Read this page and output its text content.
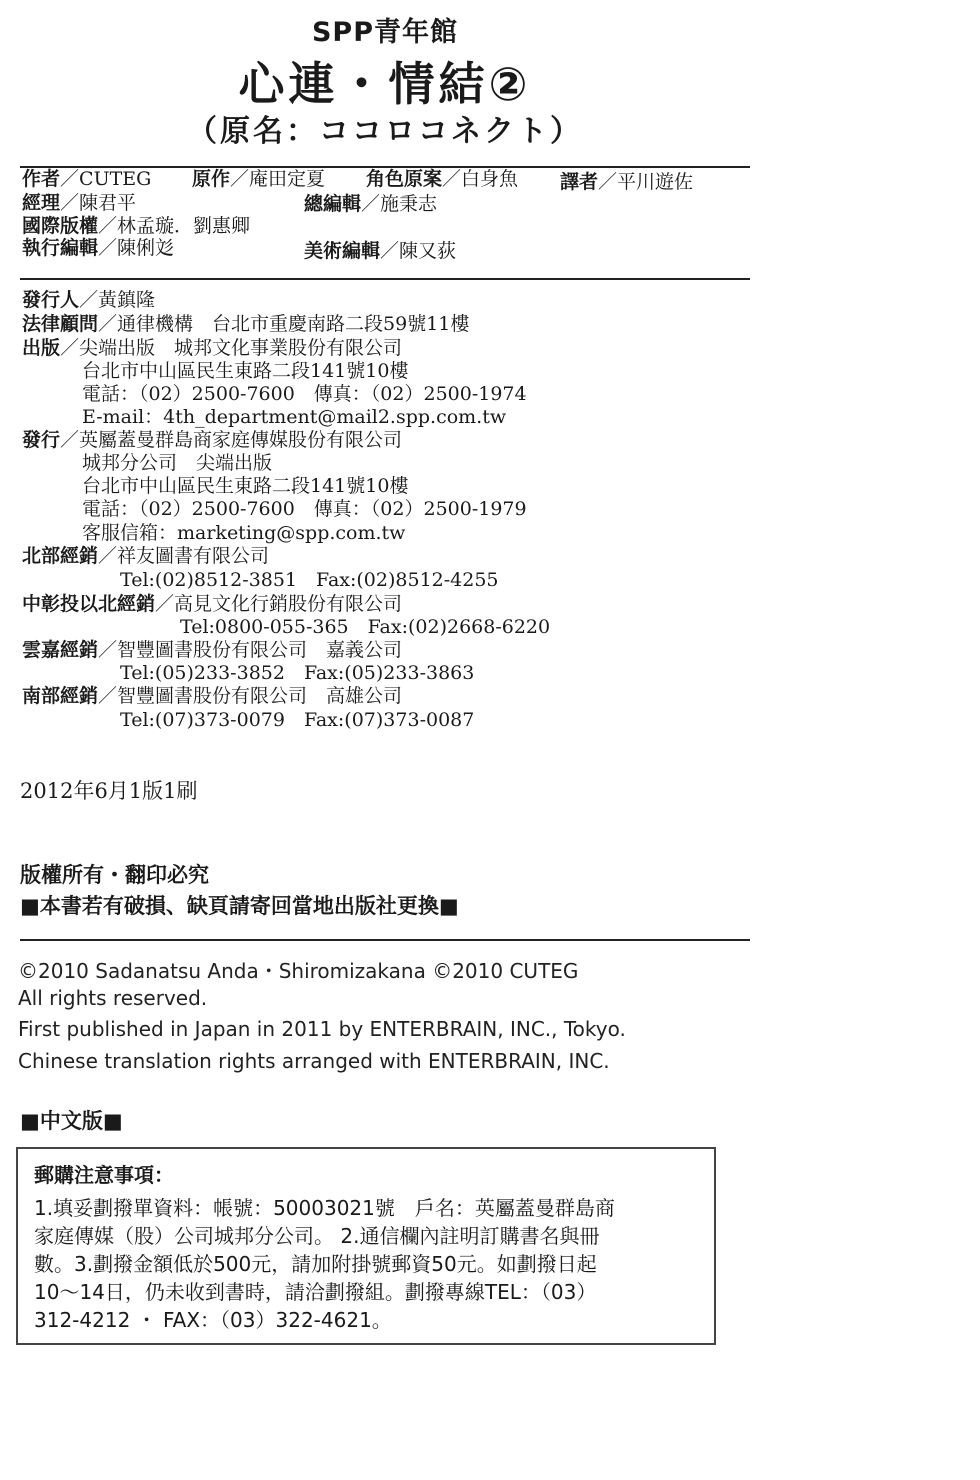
SPP青年館
心連・情結②
（原名：ココロコネクト）
作者／CUTEG 原作／庵田定夏 角色原案／白身魚 譯者／平川遊佐
經理／陳君平	總編輯／施秉志
國際版權／林孟璇．劉惠卿
執行編輯／陳俐彣	美術編輯／陳又荻
發行人／黃鎮隆
法律顧問／通律機構　台北市重慶南路二段59號11樓
出版／尖端出版　城邦文化事業股份有限公司
台北市中山區民生東路二段141號10樓
電話：（02）2500-7600　傳真：（02）2500-1974
E-mail：4th_department@mail2.spp.com.tw
發行／英屬蓋曼群島商家庭傳媒股份有限公司
城邦分公司　尖端出版
台北市中山區民生東路二段141號10樓
電話：（02）2500-7600　傳真：（02）2500-1979
客服信箱：marketing@spp.com.tw
北部經銷／祥友圖書有限公司
Tel:(02)8512-3851　Fax:(02)8512-4255
中彰投以北經銷／高見文化行銷股份有限公司
Tel:0800-055-365　Fax:(02)2668-6220
雲嘉經銷／智豐圖書股份有限公司　嘉義公司
Tel:(05)233-3852　Fax:(05)233-3863
南部經銷／智豐圖書股份有限公司　高雄公司
Tel:(07)373-0079　Fax:(07)373-0087
2012年6月1版1刷
版權所有・翻印必究
■本書若有破損、缺頁請寄回當地出版社更換■
©2010 Sadanatsu Anda・Shiromizakana ©2010 CUTEG
All rights reserved.
First published in Japan in 2011 by ENTERBRAIN, INC., Tokyo.
Chinese translation rights arranged with ENTERBRAIN, INC.
■中文版■
郵購注意事項：
1.填妥劃撥單資料：帳號：50003021號　戶名：英屬蓋曼群島商
家庭傳媒（股）公司城邦分公司。 2.通信欄內註明訂購書名與冊
數。3.劃撥金額低於500元，請加附掛號郵資50元。如劃撥日起
10～14日，仍未收到書時，請洽劃撥組。劃撥專線TEL：（03）
312-4212 ・ FAX：（03）322-4621。
